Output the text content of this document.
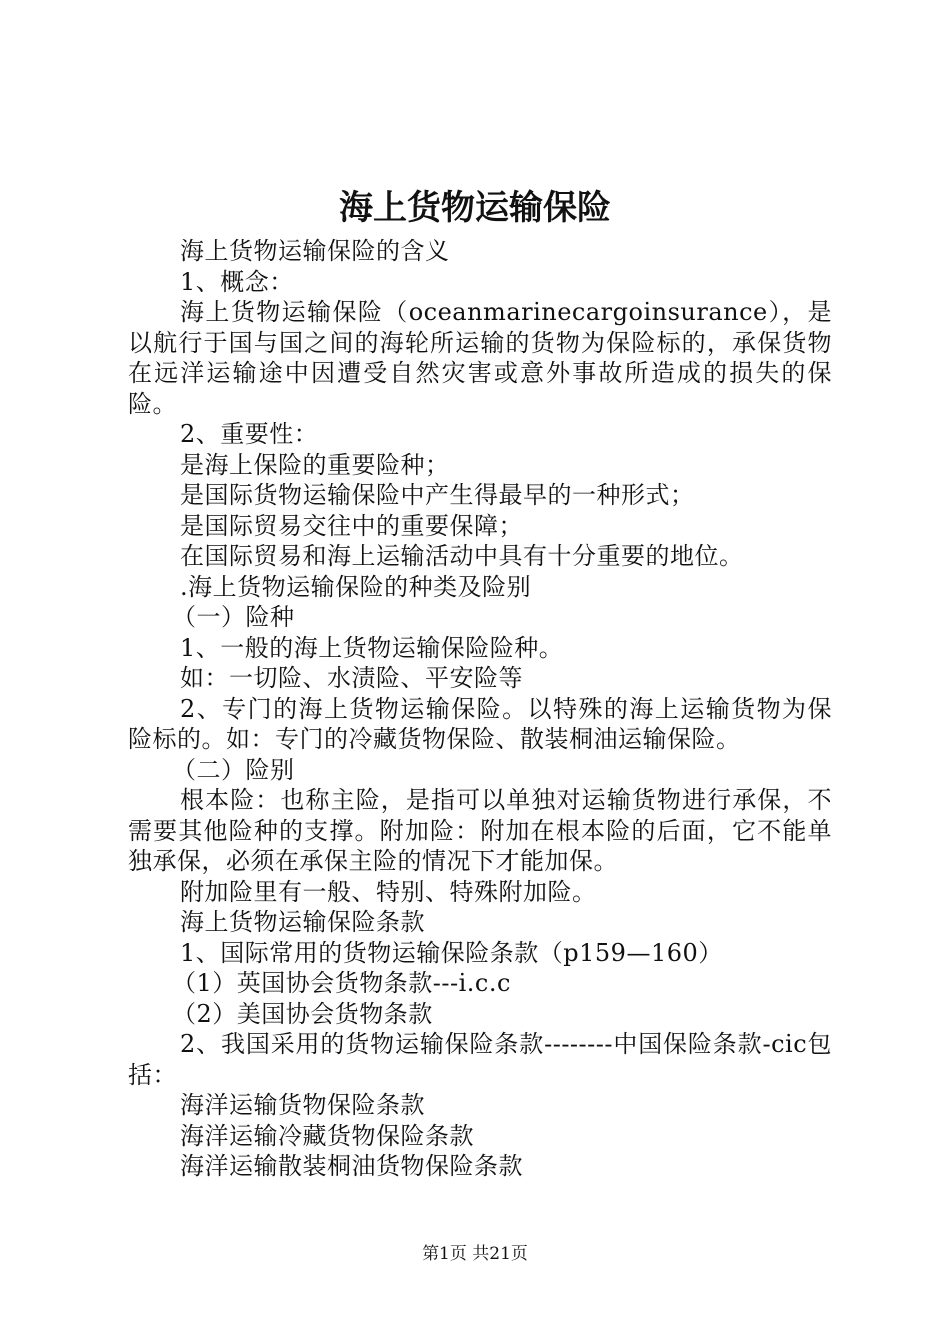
海上货物运输保险

海上货物运输保险的含义

1、概念：

海上货物运输保险（oceanmarinecargoinsurance），是以航行于国与国之间的海轮所运输的货物为保险标的，承保货物在远洋运输途中因遭受自然灾害或意外事故所造成的损失的保险。

2、重要性：

是海上保险的重要险种；

是国际货物运输保险中产生得最早的一种形式；

是国际贸易交往中的重要保障；

在国际贸易和海上运输活动中具有十分重要的地位。

.海上货物运输保险的种类及险别

（一）险种

1、一般的海上货物运输保险险种。

如：一切险、水渍险、平安险等

2、专门的海上货物运输保险。以特殊的海上运输货物为保险标的。如：专门的冷藏货物保险、散装桐油运输保险。

（二）险别

根本险：也称主险，是指可以单独对运输货物进行承保，不需要其他险种的支撑。附加险：附加在根本险的后面，它不能单独承保，必须在承保主险的情况下才能加保。

附加险里有一般、特别、特殊附加险。

海上货物运输保险条款

1、国际常用的货物运输保险条款（p159—160）

（1）英国协会货物条款---i.c.c

（2）美国协会货物条款

2、我国采用的货物运输保险条款--------中国保险条款-cic包括：

海洋运输货物保险条款

海洋运输冷藏货物保险条款

海洋运输散装桐油货物保险条款

第1页 共21页
